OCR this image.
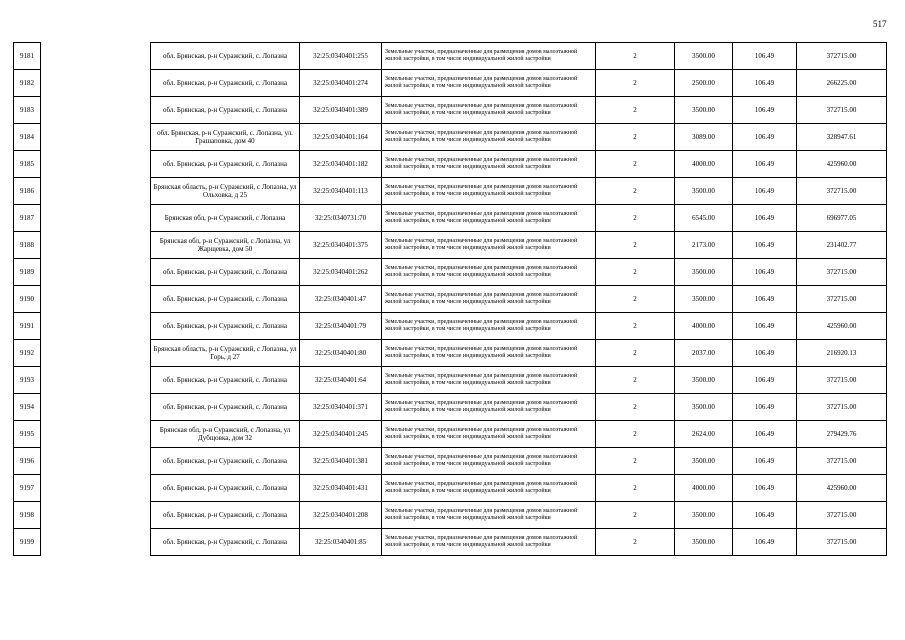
517
9181		обл. Брянская, р-н Суражский, с. Лопазна	32:25:0340401:255	Земельные участки, предназначенные для размещения домов малоэтажной жилой застройки, в том числе индивидуальной жилой застройки	2	3500.00	106.49	372715.00
9182		обл. Брянская, р-н Суражский, с. Лопазна	32:25:0340401:274	Земельные участки, предназначенные для размещения домов малоэтажной жилой застройки, в том числе индивидуальной жилой застройки	2	2500.00	106.49	266225.00
9183		обл. Брянская, р-н Суражский, с. Лопазна	32:25:0340401:389	Земельные участки, предназначенные для размещения домов малоэтажной жилой застройки, в том числе индивидуальной жилой застройки	2	3500.00	106.49	372715.00
9184		обл. Брянская, р-н Суражский, с. Лопазна, ул. Грашаповка, дом 40	32:25:0340401:164	Земельные участки, предназначенные для размещения домов малоэтажной жилой застройки, в том числе индивидуальной жилой застройки	2	3089.00	106.49	328947.61
9185		обл. Брянская, р-н Суражский, с. Лопазна	32:25:0340401:182	Земельные участки, предназначенные для размещения домов малоэтажной жилой застройки, в том числе индивидуальной жилой застройки	2	4000.00	106.49	425960.00
9186		Брянская область, р-н Суражский, с Лопазна, ул Ольховка, д 25	32:25:0340401:113	Земельные участки, предназначенные для размещения домов малоэтажной жилой застройки, в том числе индивидуальной жилой застройки	2	3500.00	106.49	372715.00
9187		Брянская обл, р-н Суражский, с Лопазна	32:25:0340731:70	Земельные участки, предназначенные для размещения домов малоэтажной жилой застройки, в том числе индивидуальной жилой застройки	2	6545.00	106.49	696977.05
9188		Брянская обл, р-н Суражский, с Лопазна, ул Жарщевка, дом 50	32:25:0340401:375	Земельные участки, предназначенные для размещения домов малоэтажной жилой застройки, в том числе индивидуальной жилой застройки	2	2173.00	106.49	231402.77
9189		обл. Брянская, р-н Суражский, с. Лопазна	32:25:0340401:262	Земельные участки, предназначенные для размещения домов малоэтажной жилой застройки, в том числе индивидуальной жилой застройки	2	3500.00	106.49	372715.00
9190		обл. Брянская, р-н Суражский, с. Лопазна	32:25:0340401:47	Земельные участки, предназначенные для размещения домов малоэтажной жилой застройки, в том числе индивидуальной жилой застройки	2	3500.00	106.49	372715.00
9191		обл. Брянская, р-н Суражский, с. Лопазна	32:25:0340401:79	Земельные участки, предназначенные для размещения домов малоэтажной жилой застройки, в том числе индивидуальной жилой застройки	2	4000.00	106.49	425960.00
9192		Брянская область, р-н Суражский, с Лопазна, ул Горь, д 27	32:25:0340401:80	Земельные участки, предназначенные для размещения домов малоэтажной жилой застройки, в том числе индивидуальной жилой застройки	2	2037.00	106.49	216920.13
9193		обл. Брянская, р-н Суражский, с. Лопазна	32:25:0340401:64	Земельные участки, предназначенные для размещения домов малоэтажной жилой застройки, в том числе индивидуальной жилой застройки	2	3500.00	106.49	372715.00
9194		обл. Брянская, р-н Суражский, с. Лопазна	32:25:0340401:371	Земельные участки, предназначенные для размещения домов малоэтажной жилой застройки, в том числе индивидуальной жилой застройки	2	3500.00	106.49	372715.00
9195		Брянская обл, р-н Суражский, с Лопазна, ул Дубщовка, дом 32	32:25:0340401:245	Земельные участки, предназначенные для размещения домов малоэтажной жилой застройки, в том числе индивидуальной жилой застройки	2	2624.00	106.49	279429.76
9196		обл. Брянская, р-н Суражский, с. Лопазна	32:25:0340401:381	Земельные участки, предназначенные для размещения домов малоэтажной жилой застройки, в том числе индивидуальной жилой застройки	2	3500.00	106.49	372715.00
9197		обл. Брянская, р-н Суражский, с. Лопазна	32:25:0340401:431	Земельные участки, предназначенные для размещения домов малоэтажной жилой застройки, в том числе индивидуальной жилой застройки	2	4000.00	106.49	425960.00
9198		обл. Брянская, р-н Суражский, с. Лопазна	32:25:0340401:208	Земельные участки, предназначенные для размещения домов малоэтажной жилой застройки, в том числе индивидуальной жилой застройки	2	3500.00	106.49	372715.00
9199		обл. Брянская, р-н Суражский, с. Лопазна	32:25:0340401:85	Земельные участки, предназначенные для размещения домов малоэтажной жилой застройки, в том числе индивидуальной жилой застройки	2	3500.00	106.49	372715.00
